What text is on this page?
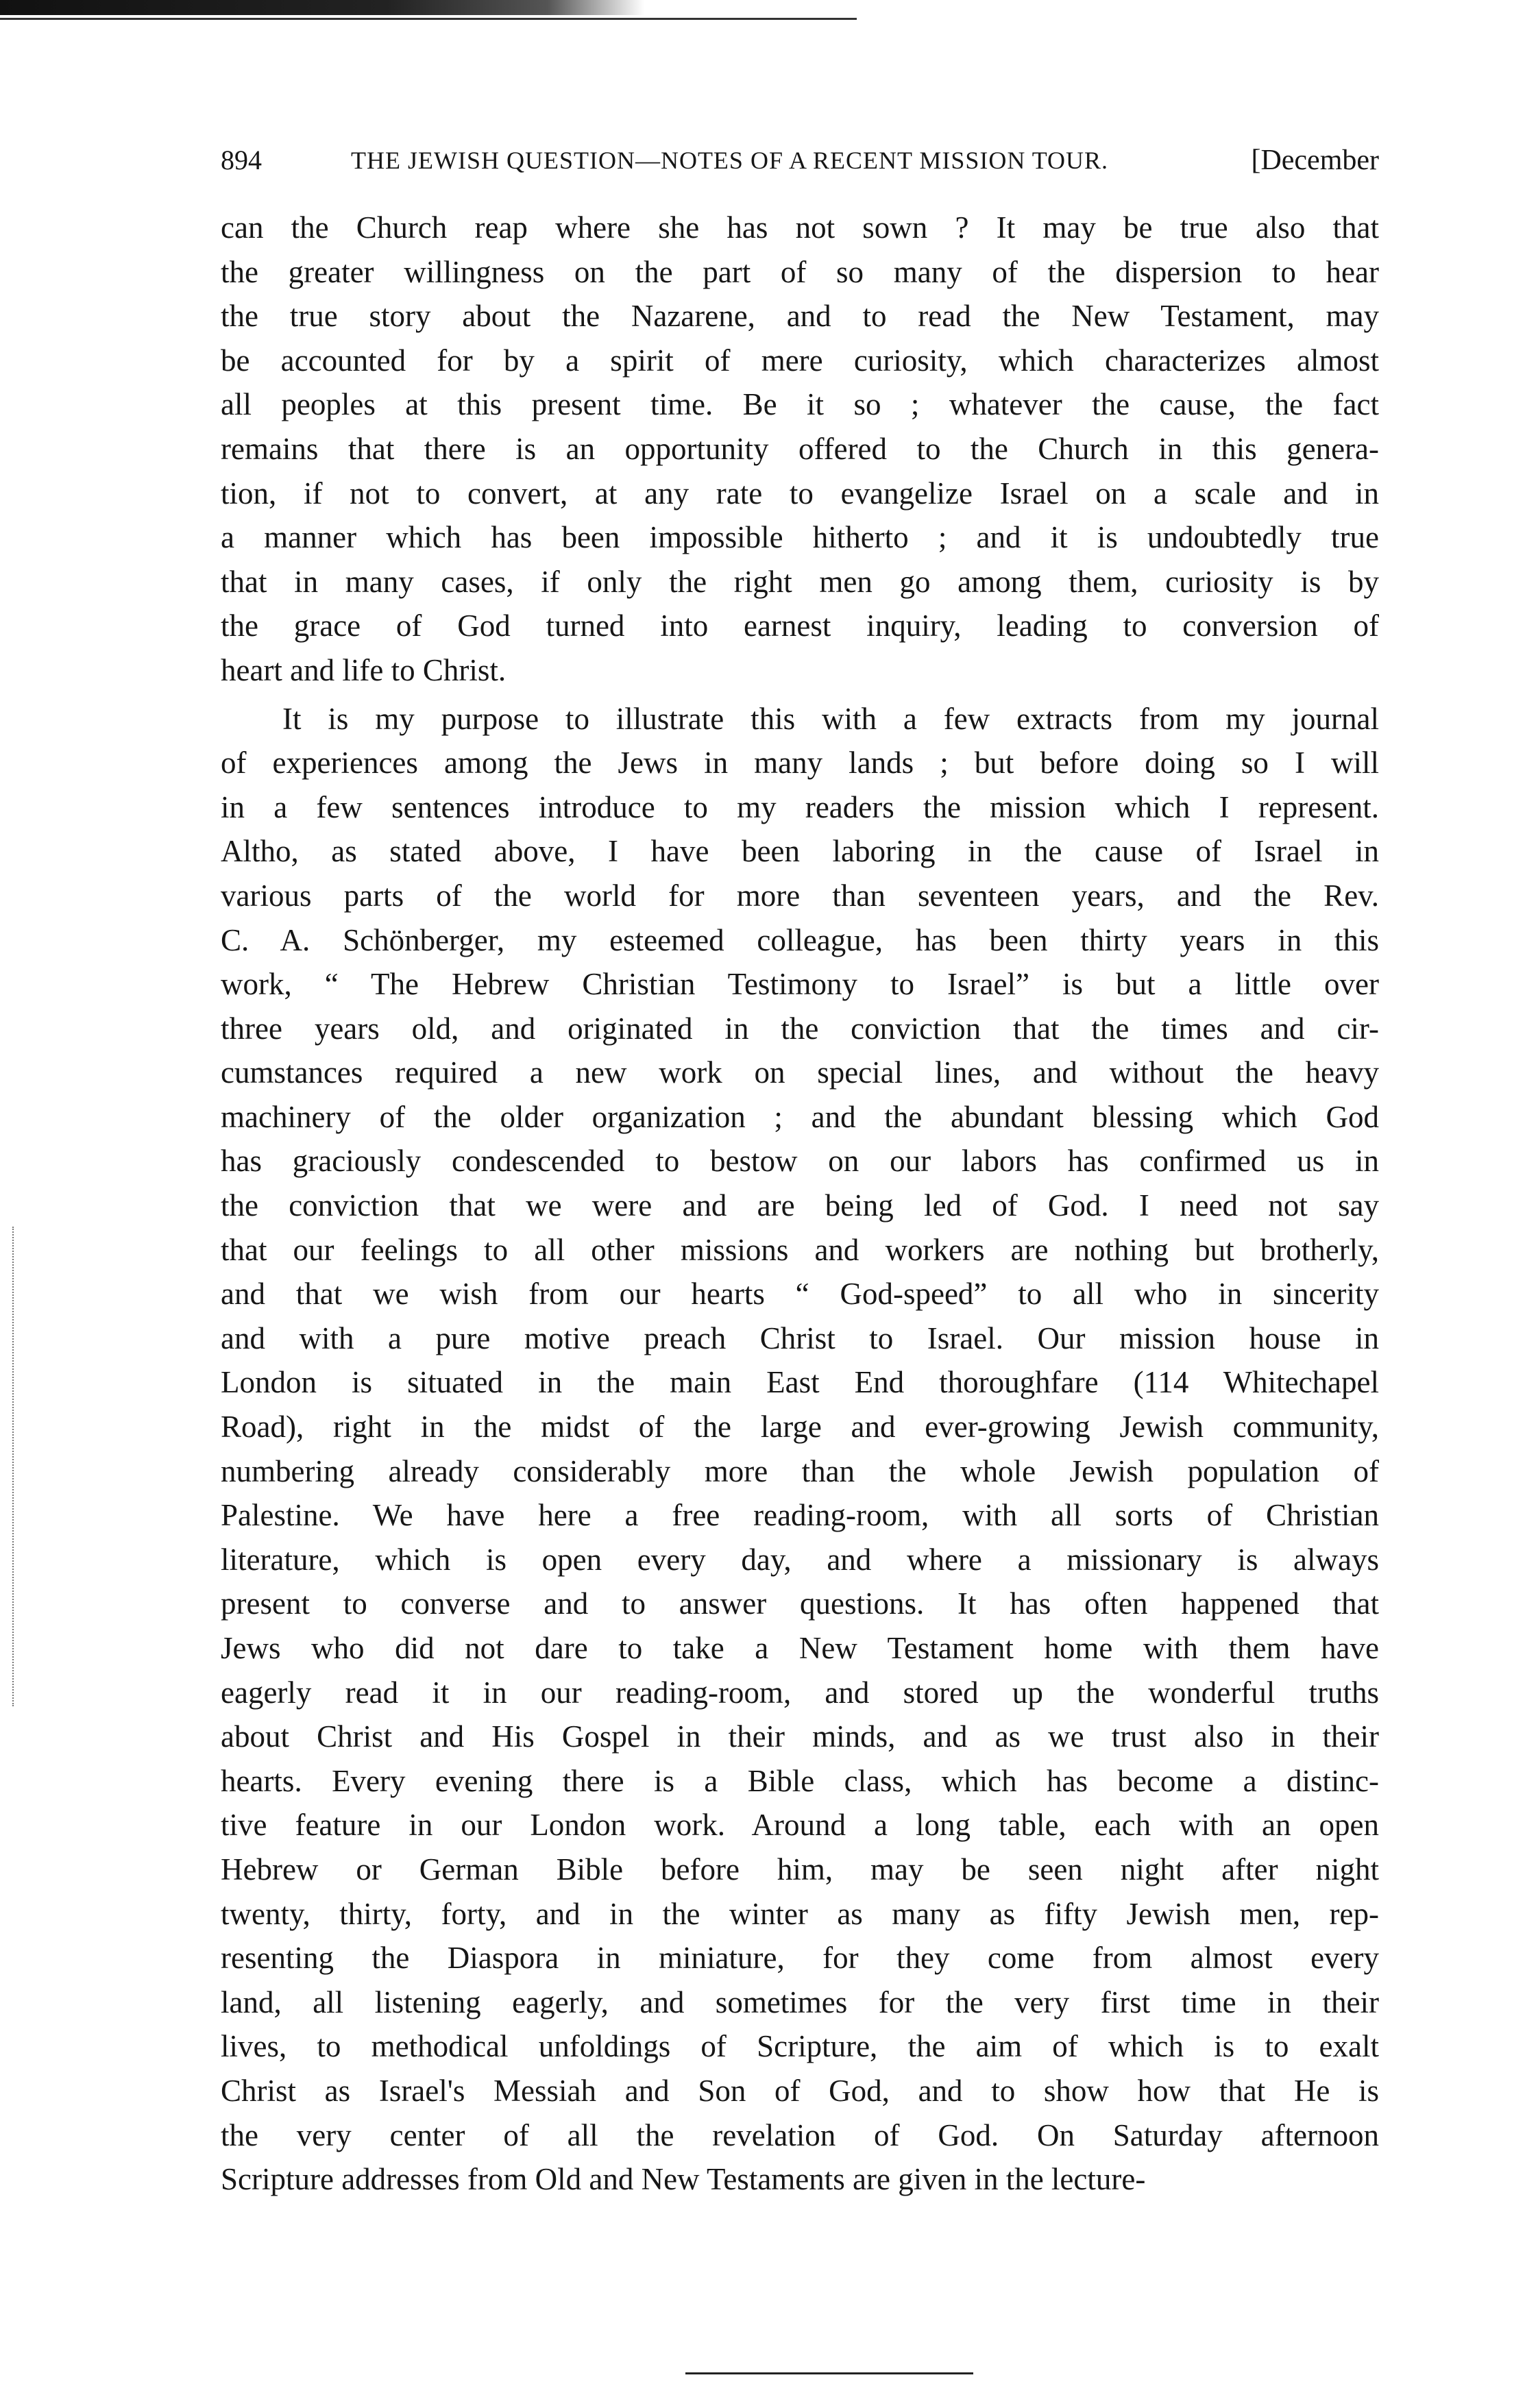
894	THE JEWISH QUESTION—NOTES OF A RECENT MISSION TOUR.	[December
can the Church reap where she has not sown ? It may be true also that
the greater willingness on the part of so many of the dispersion to hear
the true story about the Nazarene, and to read the New Testament, may
be accounted for by a spirit of mere curiosity, which characterizes almost
all peoples at this present time. Be it so ; whatever the cause, the fact
remains that there is an opportunity offered to the Church in this genera-
tion, if not to convert, at any rate to evangelize Israel on a scale and in
a manner which has been impossible hitherto ; and it is undoubtedly true
that in many cases, if only the right men go among them, curiosity is by
the grace of God turned into earnest inquiry, leading to conversion of
heart and life to Christ.
It is my purpose to illustrate this with a few extracts from my journal
of experiences among the Jews in many lands ; but before doing so I will
in a few sentences introduce to my readers the mission which I represent.
Altho, as stated above, I have been laboring in the cause of Israel in
various parts of the world for more than seventeen years, and the Rev.
C. A. Schönberger, my esteemed colleague, has been thirty years in this
work, “ The Hebrew Christian Testimony to Israel” is but a little over
three years old, and originated in the conviction that the times and cir-
cumstances required a new work on special lines, and without the heavy
machinery of the older organization ; and the abundant blessing which God
has graciously condescended to bestow on our labors has confirmed us in
the conviction that we were and are being led of God. I need not say
that our feelings to all other missions and workers are nothing but brotherly,
and that we wish from our hearts “ God-speed” to all who in sincerity
and with a pure motive preach Christ to Israel. Our mission house in
London is situated in the main East End thoroughfare (114 Whitechapel
Road), right in the midst of the large and ever-growing Jewish community,
numbering already considerably more than the whole Jewish population of
Palestine. We have here a free reading-room, with all sorts of Christian
literature, which is open every day, and where a missionary is always
present to converse and to answer questions. It has often happened that
Jews who did not dare to take a New Testament home with them have
eagerly read it in our reading-room, and stored up the wonderful truths
about Christ and His Gospel in their minds, and as we trust also in their
hearts. Every evening there is a Bible class, which has become a distinc-
tive feature in our London work. Around a long table, each with an open
Hebrew or German Bible before him, may be seen night after night
twenty, thirty, forty, and in the winter as many as fifty Jewish men, rep-
resenting the Diaspora in miniature, for they come from almost every
land, all listening eagerly, and sometimes for the very first time in their
lives, to methodical unfoldings of Scripture, the aim of which is to exalt
Christ as Israel's Messiah and Son of God, and to show how that He is
the very center of all the revelation of God. On Saturday afternoon
Scripture addresses from Old and New Testaments are given in the lecture-
